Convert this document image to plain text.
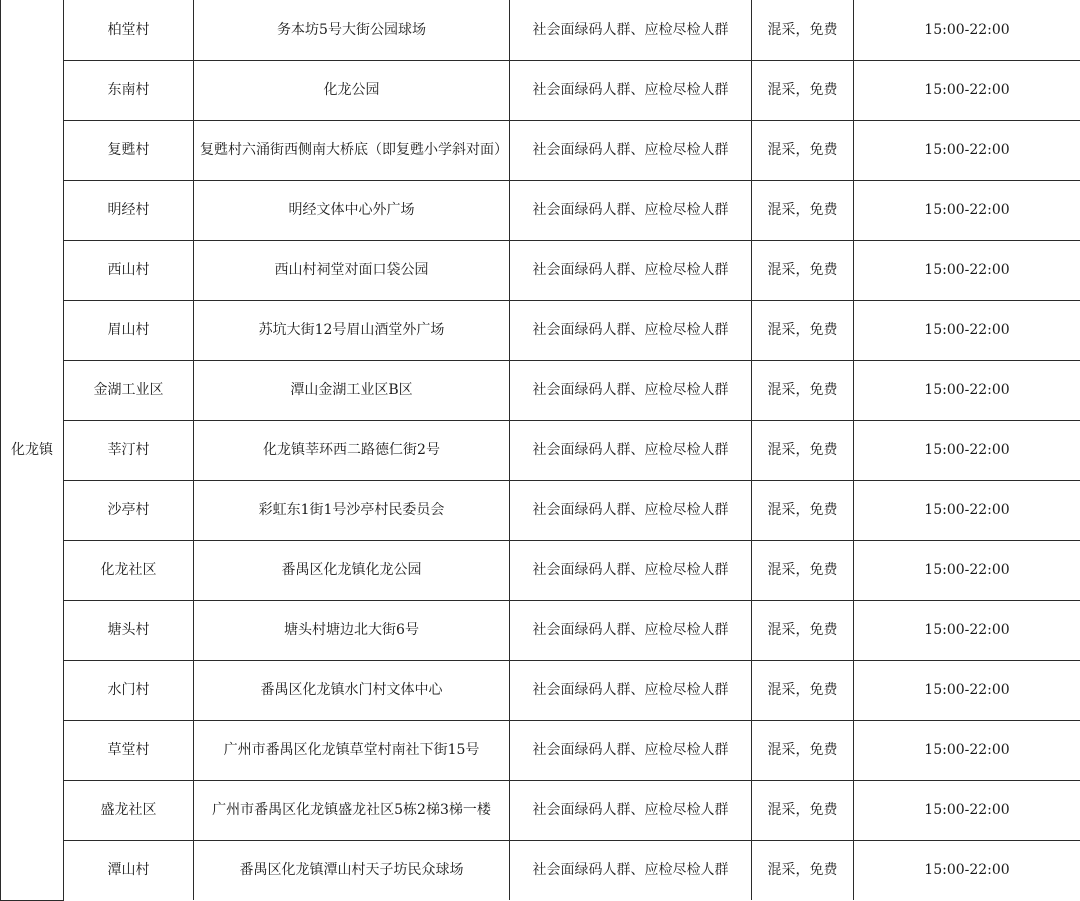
化龙镇	柏堂村	务本坊5号大街公园球场	社会面绿码人群、应检尽检人群	混采，免费	15:00-22:00
	东南村	化龙公园	社会面绿码人群、应检尽检人群	混采，免费	15:00-22:00
	复甦村	复甦村六涌街西侧南大桥底（即复甦小学斜对面）	社会面绿码人群、应检尽检人群	混采，免费	15:00-22:00
	明经村	明经文体中心外广场	社会面绿码人群、应检尽检人群	混采，免费	15:00-22:00
	西山村	西山村祠堂对面口袋公园	社会面绿码人群、应检尽检人群	混采，免费	15:00-22:00
	眉山村	苏坑大街12号眉山酒堂外广场	社会面绿码人群、应检尽检人群	混采，免费	15:00-22:00
	金湖工业区	潭山金湖工业区B区	社会面绿码人群、应检尽检人群	混采，免费	15:00-22:00
	莘汀村	化龙镇莘环西二路德仁街2号	社会面绿码人群、应检尽检人群	混采，免费	15:00-22:00
	沙亭村	彩虹东1街1号沙亭村民委员会	社会面绿码人群、应检尽检人群	混采，免费	15:00-22:00
	化龙社区	番禺区化龙镇化龙公园	社会面绿码人群、应检尽检人群	混采，免费	15:00-22:00
	塘头村	塘头村塘边北大街6号	社会面绿码人群、应检尽检人群	混采，免费	15:00-22:00
	水门村	番禺区化龙镇水门村文体中心	社会面绿码人群、应检尽检人群	混采，免费	15:00-22:00
	草堂村	广州市番禺区化龙镇草堂村南社下街15号	社会面绿码人群、应检尽检人群	混采，免费	15:00-22:00
	盛龙社区	广州市番禺区化龙镇盛龙社区5栋2梯3梯一楼	社会面绿码人群、应检尽检人群	混采，免费	15:00-22:00
	潭山村	番禺区化龙镇潭山村天子坊民众球场	社会面绿码人群、应检尽检人群	混采，免费	15:00-22:00
